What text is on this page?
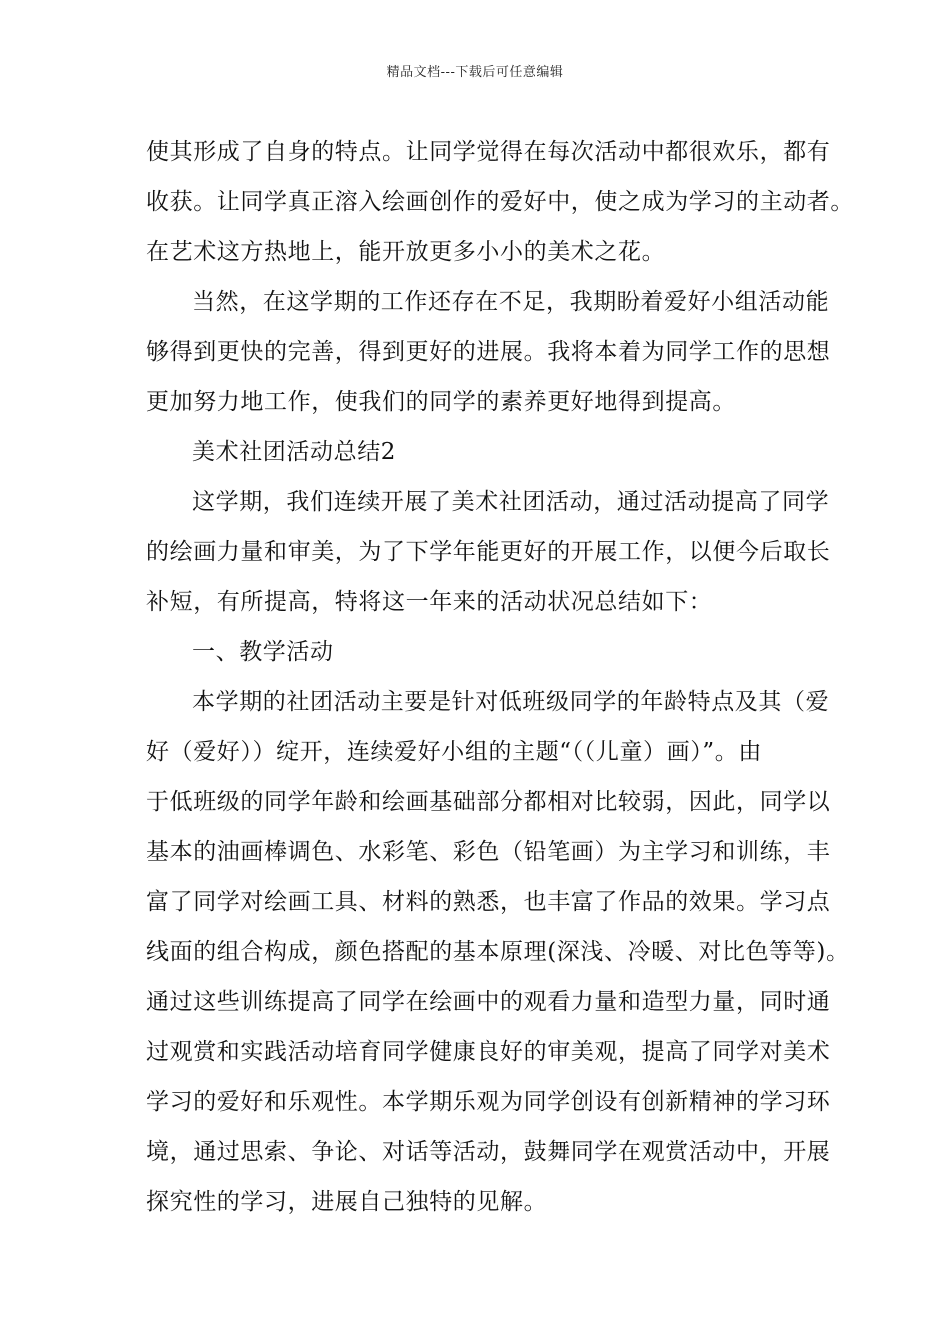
精品文档---下载后可任意编辑
使其形成了自身的特点。让同学觉得在每次活动中都很欢乐，都有
收获。让同学真正溶入绘画创作的爱好中，使之成为学习的主动者。
在艺术这方热地上，能开放更多小小的美术之花。
当然，在这学期的工作还存在不足，我期盼着爱好小组活动能
够得到更快的完善，得到更好的进展。我将本着为同学工作的思想
更加努力地工作，使我们的同学的素养更好地得到提高。
美术社团活动总结2
这学期，我们连续开展了美术社团活动，通过活动提高了同学
的绘画力量和审美，为了下学年能更好的开展工作，以便今后取长
补短，有所提高，特将这一年来的活动状况总结如下：
一、教学活动
本学期的社团活动主要是针对低班级同学的年龄特点及其（爱
好（爱好））绽开，连续爱好小组的主题“（（儿童）画）”。由
于低班级的同学年龄和绘画基础部分都相对比较弱，因此，同学以
基本的油画棒调色、水彩笔、彩色（铅笔画）为主学习和训练，丰
富了同学对绘画工具、材料的熟悉，也丰富了作品的效果。学习点
线面的组合构成，颜色搭配的基本原理(深浅、冷暖、对比色等等)。
通过这些训练提高了同学在绘画中的观看力量和造型力量，同时通
过观赏和实践活动培育同学健康良好的审美观，提高了同学对美术
学习的爱好和乐观性。本学期乐观为同学创设有创新精神的学习环
境，通过思索、争论、对话等活动，鼓舞同学在观赏活动中，开展
探究性的学习，进展自己独特的见解。
